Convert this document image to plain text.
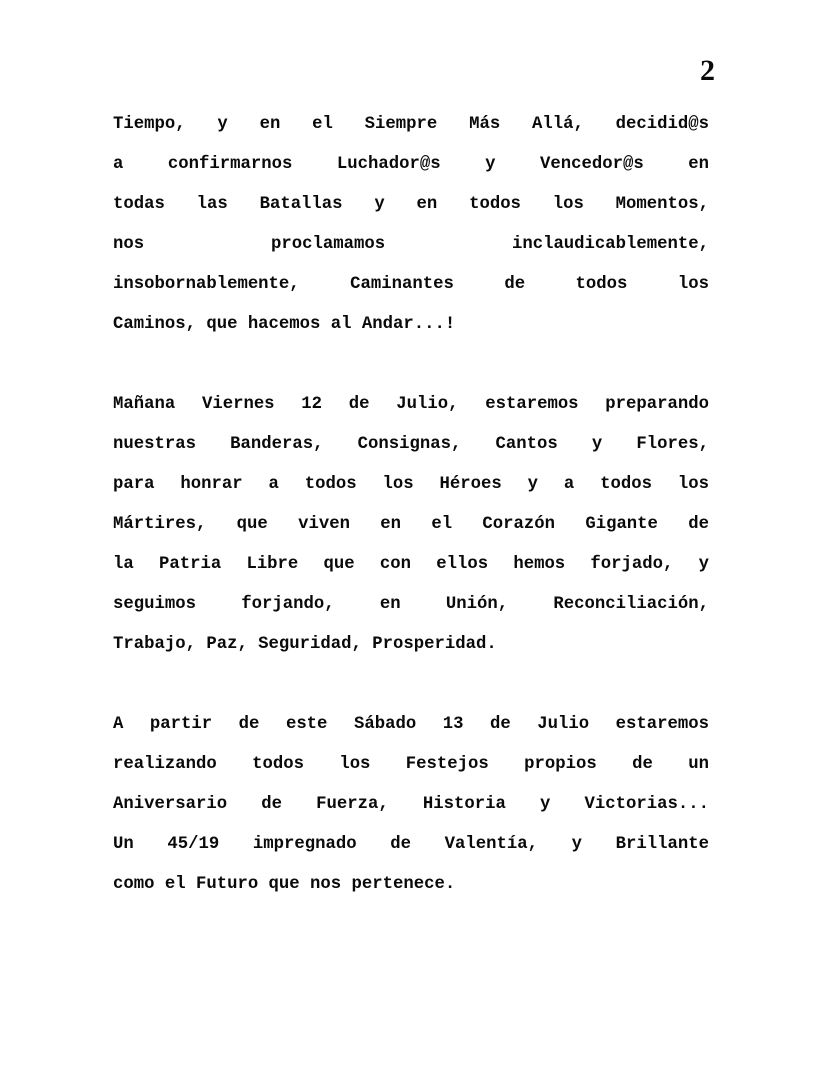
2
Tiempo, y en el Siempre Más Allá, decidid@s
a confirmarnos Luchador@s y Vencedor@s en
todas las Batallas y en todos los Momentos,
nos proclamamos inclaudicablemente,
insobornablemente, Caminantes de todos los
Caminos, que hacemos al Andar...!
Mañana Viernes 12 de Julio, estaremos preparando
nuestras Banderas, Consignas, Cantos y Flores,
para honrar a todos los Héroes y a todos los
Mártires, que viven en el Corazón Gigante de
la Patria Libre que con ellos hemos forjado, y
seguimos forjando, en Unión, Reconciliación,
Trabajo, Paz, Seguridad, Prosperidad.
A partir de este Sábado 13 de Julio estaremos
realizando todos los Festejos propios de un
Aniversario de Fuerza, Historia y Victorias...
Un 45/19 impregnado de Valentía, y Brillante
como el Futuro que nos pertenece.
